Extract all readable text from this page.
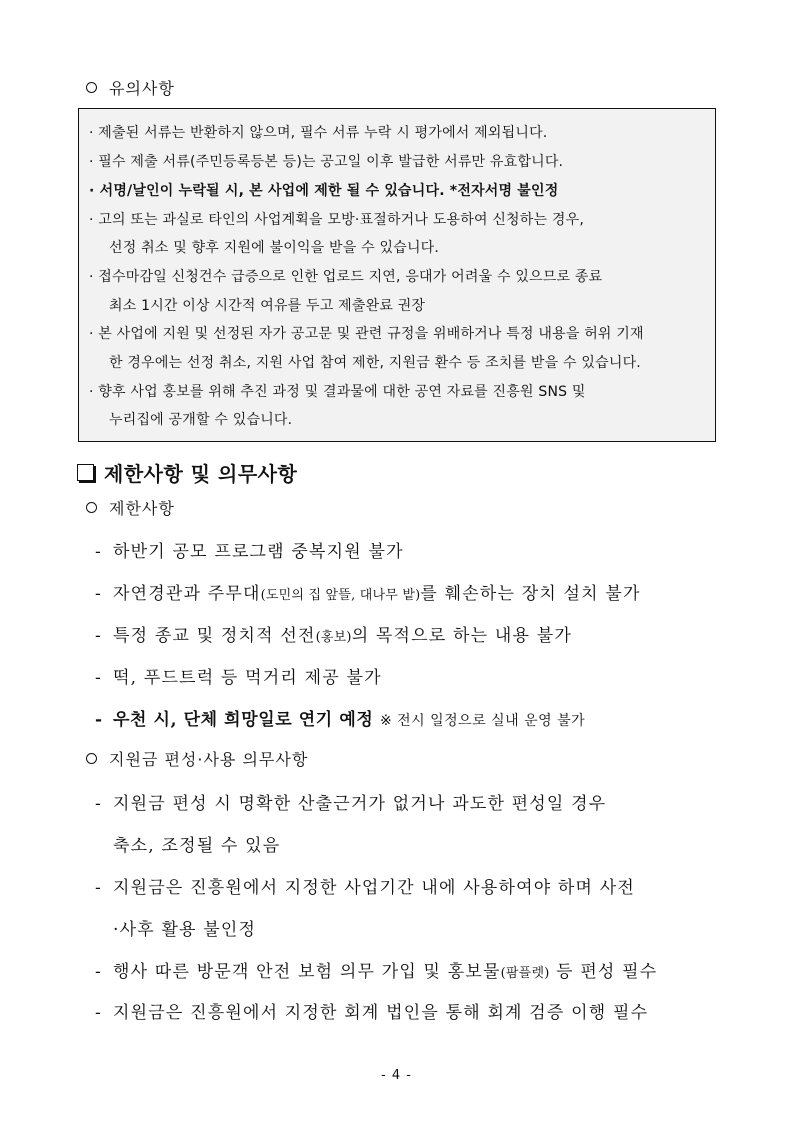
유의사항
· 제출된 서류는 반환하지 않으며, 필수 서류 누락 시 평가에서 제외됩니다.
· 필수 제출 서류(주민등록등본 등)는 공고일 이후 발급한 서류만 유효합니다.
· 서명/날인이 누락될 시, 본 사업에 제한 될 수 있습니다. *전자서명 불인정
· 고의 또는 과실로 타인의 사업계획을 모방·표절하거나 도용하여 신청하는 경우,
선정 취소 및 향후 지원에 불이익을 받을 수 있습니다.
· 접수마감일 신청건수 급증으로 인한 업로드 지연, 응대가 어려울 수 있으므로 종료
최소 1시간 이상 시간적 여유를 두고 제출완료 권장
· 본 사업에 지원 및 선정된 자가 공고문 및 관련 규정을 위배하거나 특정 내용을 허위 기재
한 경우에는 선정 취소, 지원 사업 참여 제한, 지원금 환수 등 조치를 받을 수 있습니다.
· 향후 사업 홍보를 위해 추진 과정 및 결과물에 대한 공연 자료를 진흥원 SNS 및
누리집에 공개할 수 있습니다.
제한사항 및 의무사항
제한사항
- 하반기 공모 프로그램 중복지원 불가
- 자연경관과 주무대(도민의 집 앞뜰, 대나무 밭)를 훼손하는 장치 설치 불가
- 특정 종교 및 정치적 선전(홍보)의 목적으로 하는 내용 불가
- 떡, 푸드트럭 등 먹거리 제공 불가
- 우천 시, 단체 희망일로 연기 예정 ※ 전시 일정으로 실내 운영 불가
지원금 편성·사용 의무사항
- 지원금 편성 시 명확한 산출근거가 없거나 과도한 편성일 경우
축소, 조정될 수 있음
- 지원금은 진흥원에서 지정한 사업기간 내에 사용하여야 하며 사전
·사후 활용 불인정
- 행사 따른 방문객 안전 보험 의무 가입 및 홍보물(팜플렛) 등 편성 필수
- 지원금은 진흥원에서 지정한 회계 법인을 통해 회계 검증 이행 필수
- 4 -
